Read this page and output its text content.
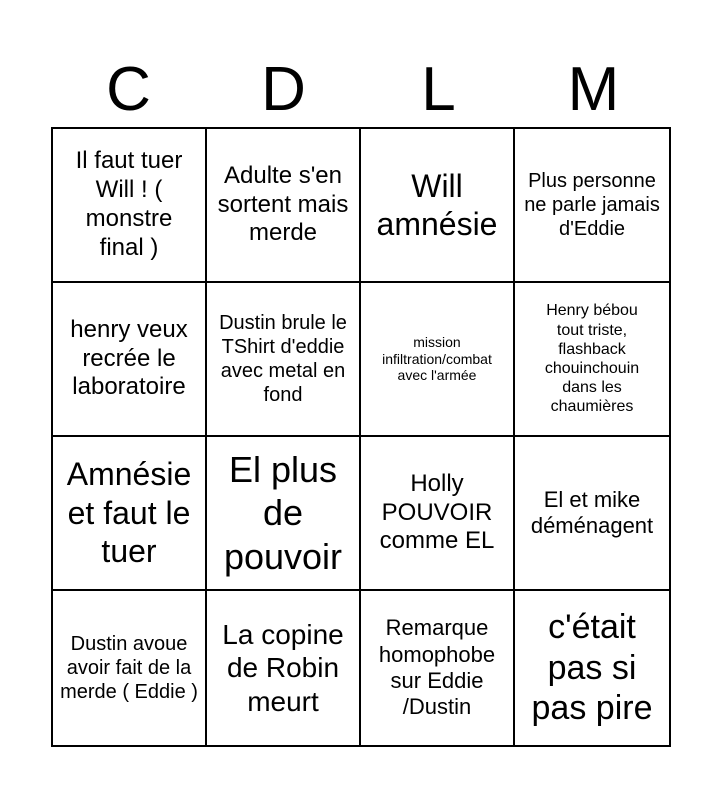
C	D	L	M
Il faut tuer Will ! ( monstre final )
Adulte s'en sortent mais merde
Will amnésie
Plus personne ne parle jamais d'Eddie
henry veux recrée le laboratoire
Dustin brule le TShirt d'eddie avec metal en fond
mission infiltration/combat avec l'armée
Henry bébou tout triste, flashback chouinchouin dans les chaumières
Amnésie et faut le tuer
El plus de pouvoir
Holly POUVOIR comme EL
El et mike déménagent
Dustin avoue avoir fait de la merde ( Eddie )
La copine de Robin meurt
Remarque homophobe sur Eddie /Dustin
c'était pas si pas pire
